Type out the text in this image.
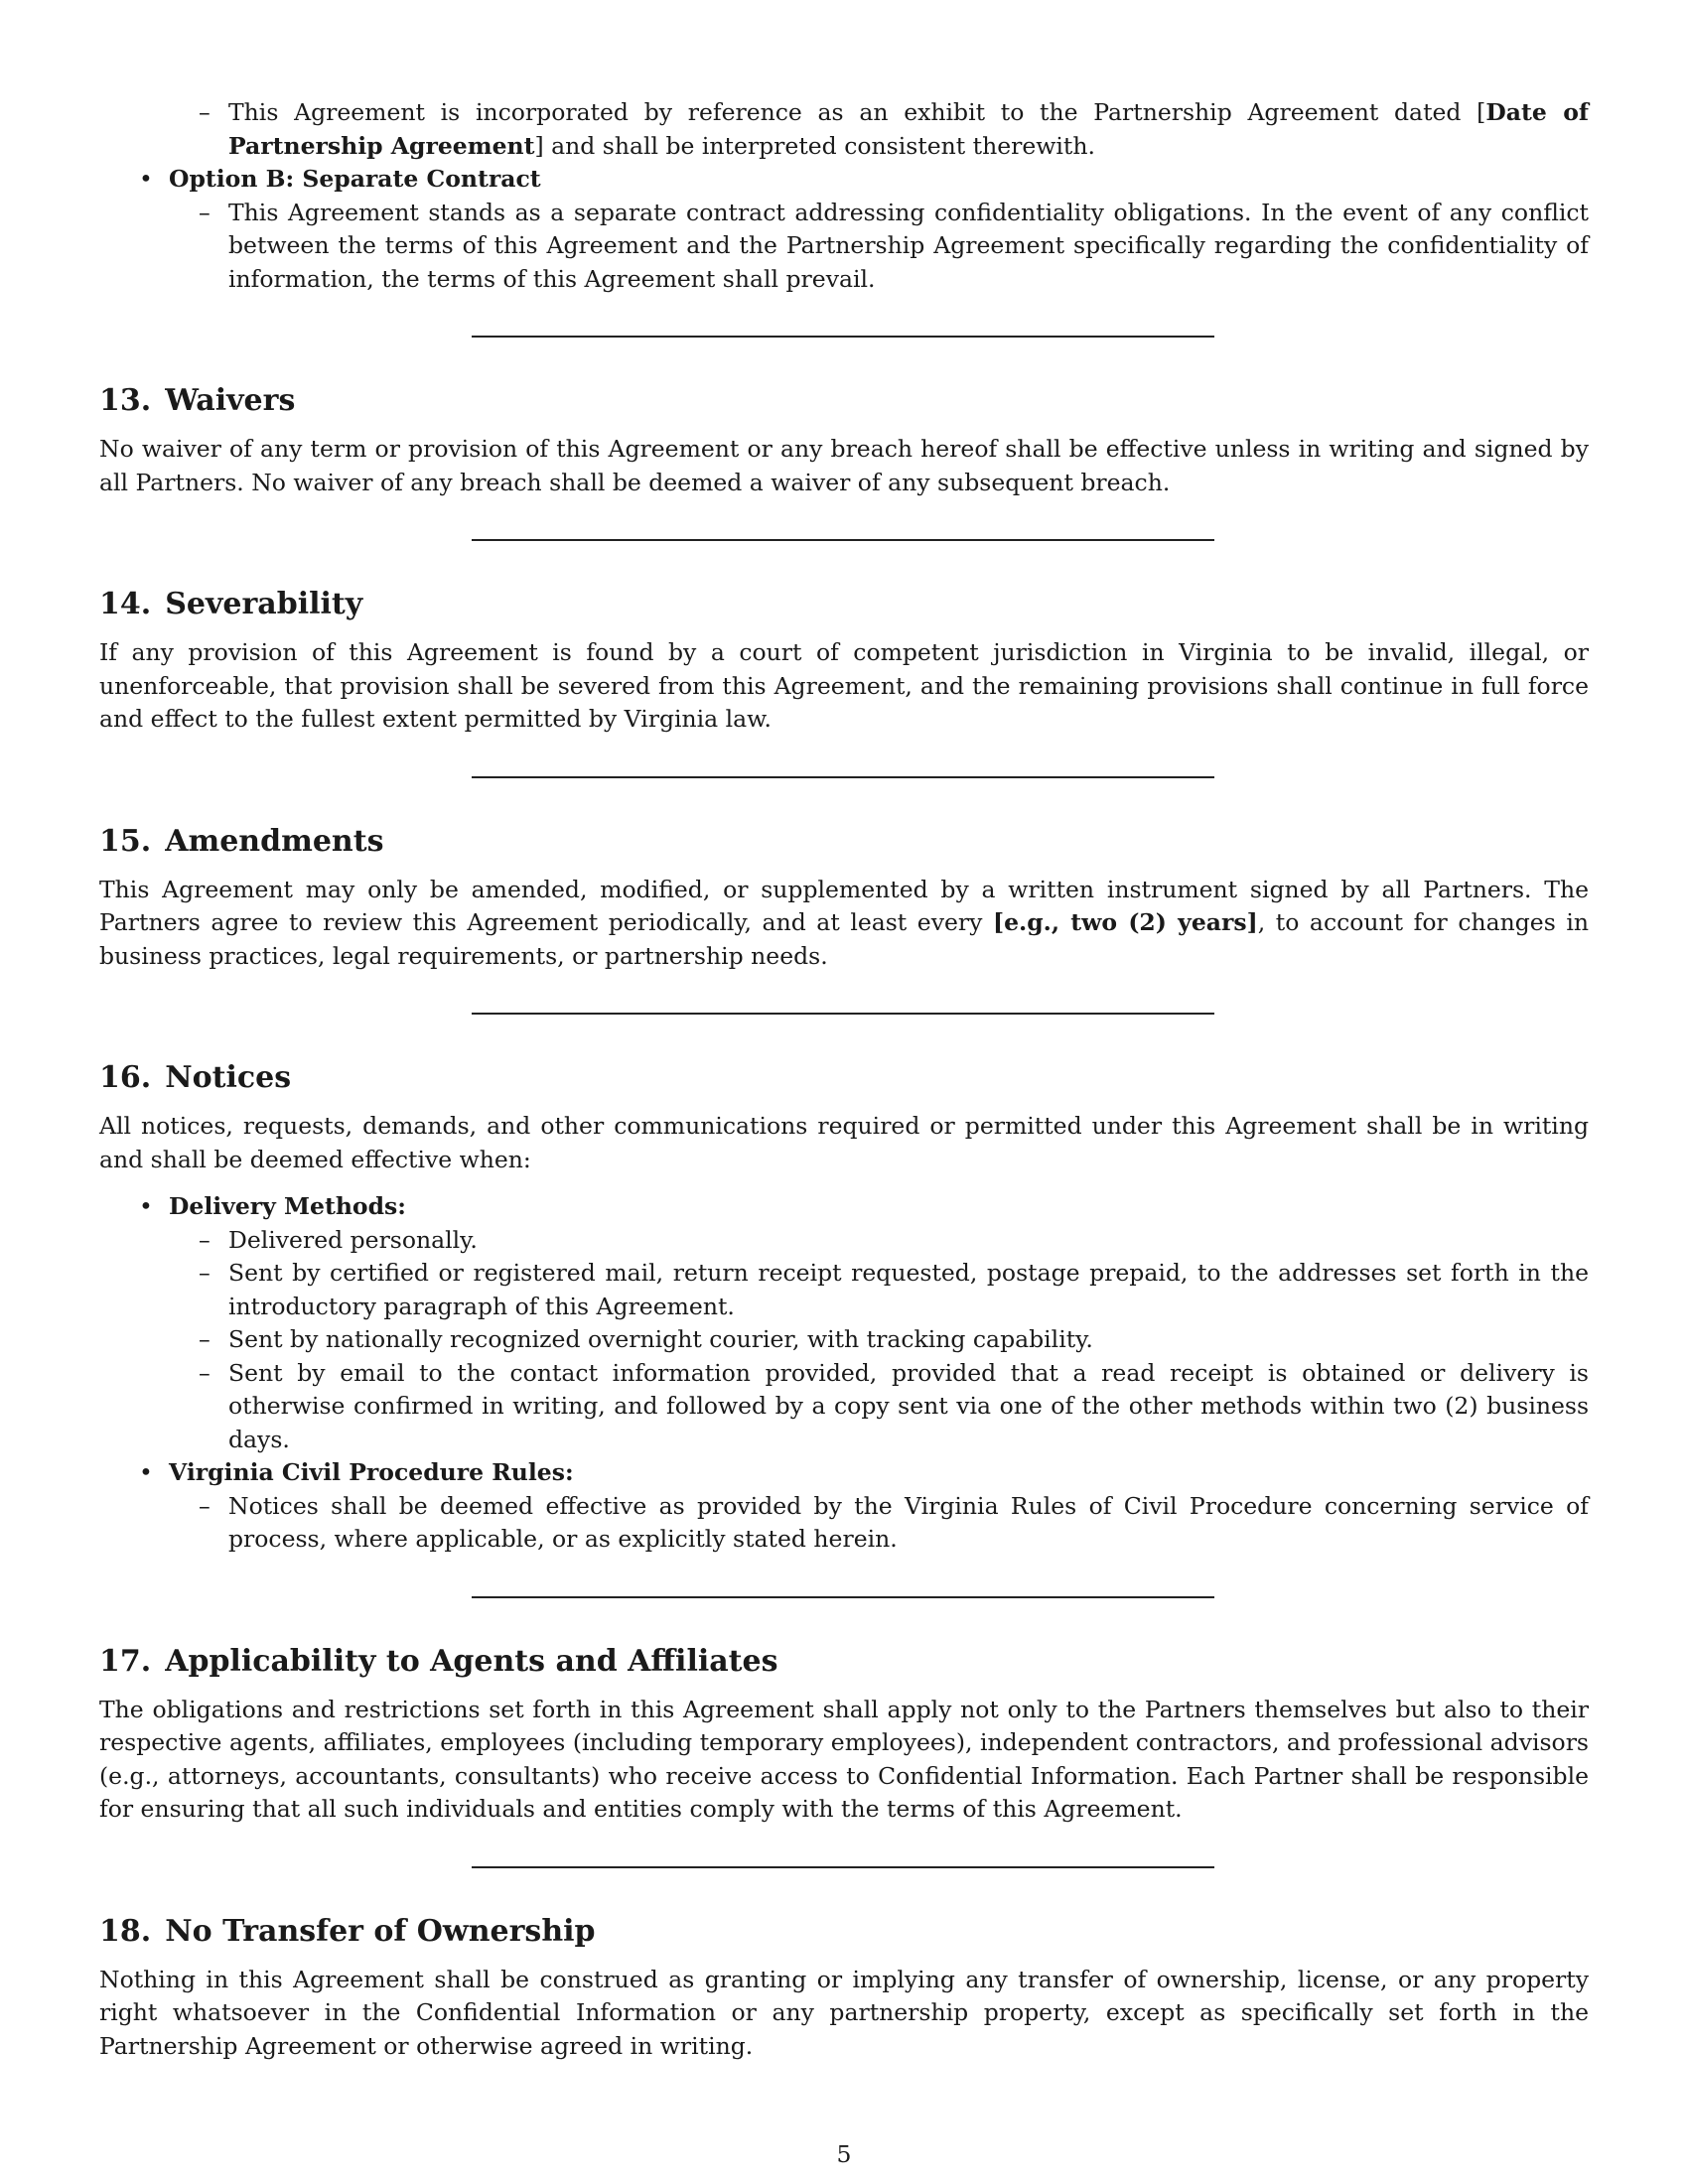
– This Agreement is incorporated by reference as an exhibit to the Partnership Agreement dated [Date of Partnership Agreement] and shall be interpreted consistent therewith.
• Option B: Separate Contract
– This Agreement stands as a separate contract addressing confidentiality obligations. In the event of any conflict between the terms of this Agreement and the Partnership Agreement specifically regarding the confidentiality of information, the terms of this Agreement shall prevail.
13. Waivers

No waiver of any term or provision of this Agreement or any breach hereof shall be effective unless in writing and signed by all Partners. No waiver of any breach shall be deemed a waiver of any subsequent breach.

14. Severability

If any provision of this Agreement is found by a court of competent jurisdiction in Virginia to be invalid, illegal, or unenforceable, that provision shall be severed from this Agreement, and the remaining provisions shall continue in full force and effect to the fullest extent permitted by Virginia law.

15. Amendments

This Agreement may only be amended, modified, or supplemented by a written instrument signed by all Partners. The Partners agree to review this Agreement periodically, and at least every [e.g., two (2) years], to account for changes in business practices, legal requirements, or partnership needs.

16. Notices

All notices, requests, demands, and other communications required or permitted under this Agreement shall be in writing and shall be deemed effective when:

• Delivery Methods:
– Delivered personally.
– Sent by certified or registered mail, return receipt requested, postage prepaid, to the addresses set forth in the introductory paragraph of this Agreement.
– Sent by nationally recognized overnight courier, with tracking capability.
– Sent by email to the contact information provided, provided that a read receipt is obtained or delivery is otherwise confirmed in writing, and followed by a copy sent via one of the other methods within two (2) business days.
• Virginia Civil Procedure Rules:
– Notices shall be deemed effective as provided by the Virginia Rules of Civil Procedure concerning service of process, where applicable, or as explicitly stated herein.
17. Applicability to Agents and Affiliates

The obligations and restrictions set forth in this Agreement shall apply not only to the Partners themselves but also to their respective agents, affiliates, employees (including temporary employees), independent contractors, and professional advisors (e.g., attorneys, accountants, consultants) who receive access to Confidential Information. Each Partner shall be responsible for ensuring that all such individuals and entities comply with the terms of this Agreement.

18. No Transfer of Ownership

Nothing in this Agreement shall be construed as granting or implying any transfer of ownership, license, or any property right whatsoever in the Confidential Information or any partnership property, except as specifically set forth in the Partnership Agreement or otherwise agreed in writing.

5
